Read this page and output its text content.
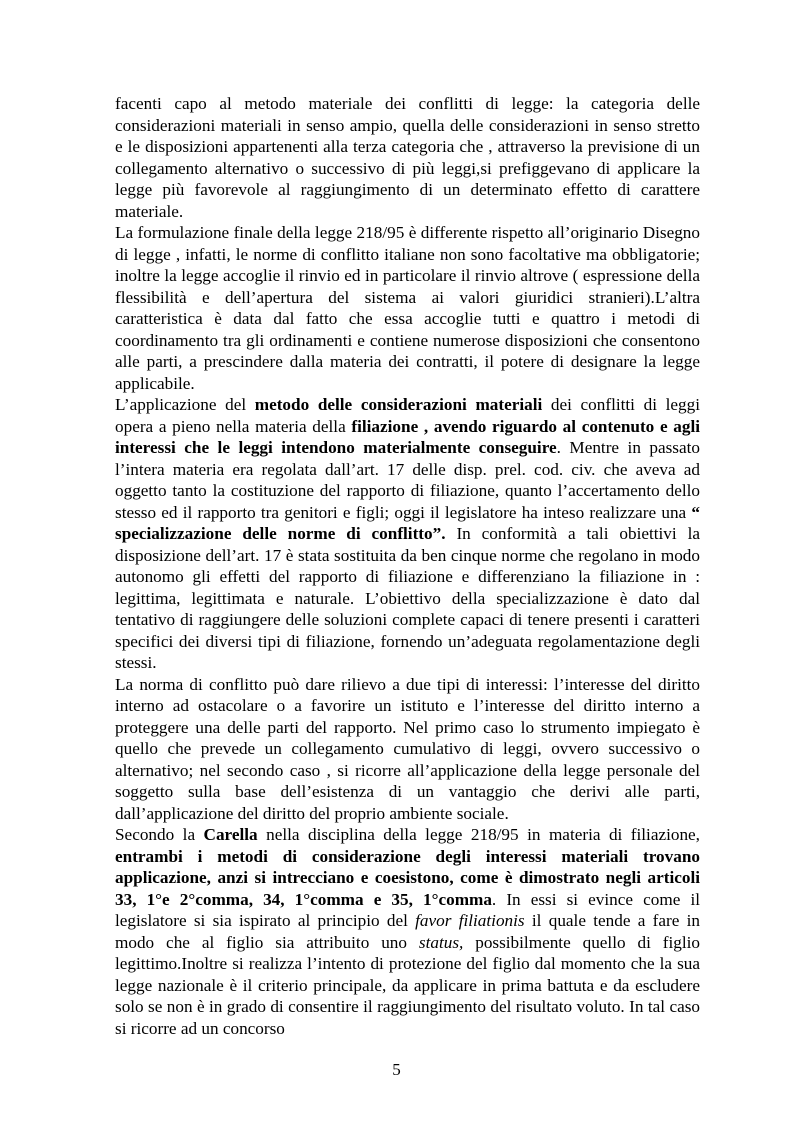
facenti capo al metodo materiale dei conflitti di legge: la categoria delle considerazioni materiali in senso ampio, quella delle considerazioni in senso stretto e le disposizioni appartenenti alla terza categoria che , attraverso la previsione di un collegamento alternativo o successivo di più leggi,si prefiggevano di applicare la legge più favorevole al raggiungimento di un determinato effetto di carattere materiale.

La formulazione finale della legge 218/95 è differente rispetto all’originario Disegno di legge , infatti, le norme di conflitto italiane non sono facoltative ma obbligatorie; inoltre la legge accoglie il rinvio ed in particolare il rinvio altrove ( espressione della flessibilità e dell’apertura del sistema ai valori giuridici stranieri).L’altra caratteristica è data dal fatto che essa accoglie tutti e quattro i metodi di coordinamento tra gli ordinamenti e contiene numerose disposizioni che consentono alle parti, a prescindere dalla materia dei contratti, il potere di designare la legge applicabile.

L’applicazione del metodo delle considerazioni materiali dei conflitti di leggi opera a pieno nella materia della filiazione , avendo riguardo al contenuto e agli interessi che le leggi intendono materialmente conseguire. Mentre in passato l’intera materia era regolata dall’art. 17 delle disp. prel. cod. civ. che aveva ad oggetto tanto la costituzione del rapporto di filiazione, quanto l’accertamento dello stesso ed il rapporto tra genitori e figli; oggi il legislatore ha inteso realizzare una “ specializzazione delle norme di conflitto”. In conformità a tali obiettivi la disposizione dell’art. 17 è stata sostituita da ben cinque norme che regolano in modo autonomo gli effetti del rapporto di filiazione e differenziano la filiazione in : legittima, legittimata e naturale. L’obiettivo della specializzazione è dato dal tentativo di raggiungere delle soluzioni complete capaci di tenere presenti i caratteri specifici dei diversi tipi di filiazione, fornendo un’adeguata regolamentazione degli stessi.

La norma di conflitto può dare rilievo a due tipi di interessi: l’interesse del diritto interno ad ostacolare o a favorire un istituto e l’interesse del diritto interno a proteggere una delle parti del rapporto. Nel primo caso lo strumento impiegato è quello che prevede un collegamento cumulativo di leggi, ovvero successivo o alternativo; nel secondo caso , si ricorre all’applicazione della legge personale del soggetto sulla base dell’esistenza di un vantaggio che derivi alle parti, dall’applicazione del diritto del proprio ambiente sociale.

Secondo la Carella nella disciplina della legge 218/95 in materia di filiazione, entrambi i metodi di considerazione degli interessi materiali trovano applicazione, anzi si intrecciano e coesistono, come è dimostrato negli articoli 33, 1°e 2°comma, 34, 1°comma e 35, 1°comma. In essi si evince come il legislatore si sia ispirato al principio del favor filiationis il quale tende a fare in modo che al figlio sia attribuito uno status, possibilmente quello di figlio legittimo.Inoltre si realizza l’intento di protezione del figlio dal momento che la sua legge nazionale è il criterio principale, da applicare in prima battuta e da escludere solo se non è in grado di consentire il raggiungimento del risultato voluto. In tal caso si ricorre ad un concorso

5
